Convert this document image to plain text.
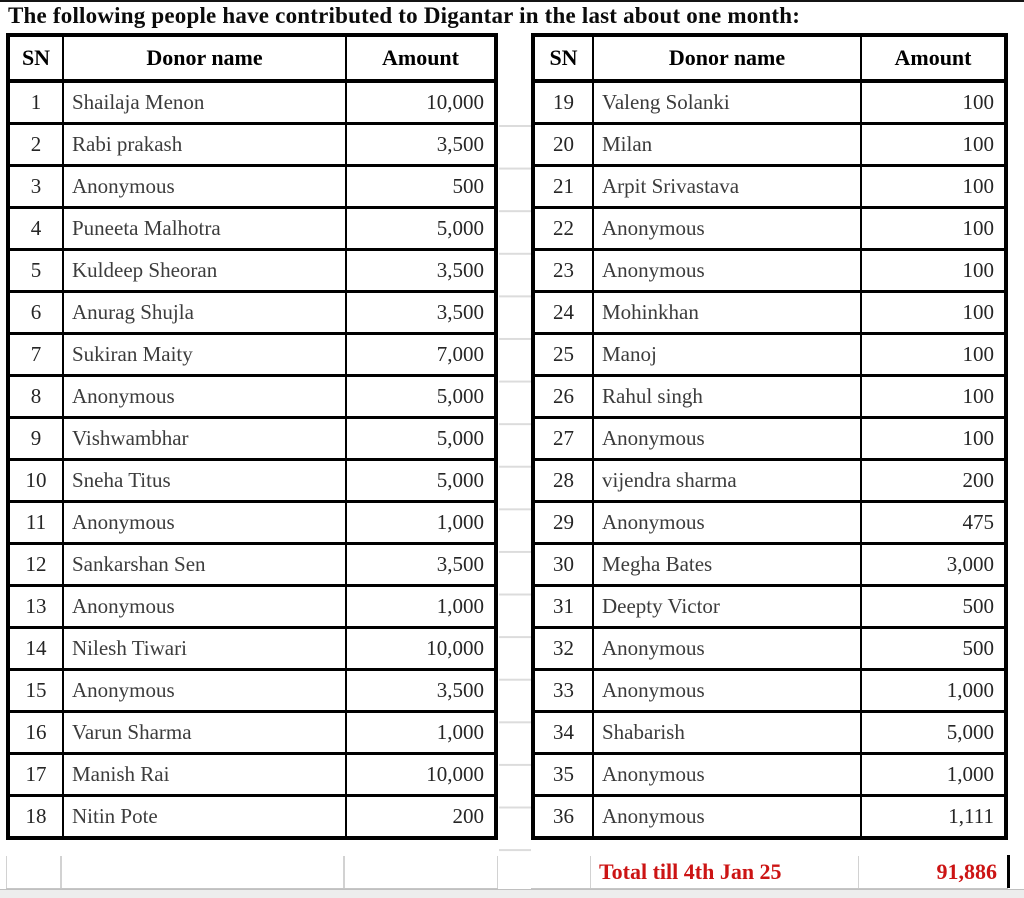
The following people have contributed to Digantar in the last about one month:
SN	Donor name	Amount
1	Shailaja Menon	10,000
2	Rabi prakash	3,500
3	Anonymous	500
4	Puneeta Malhotra	5,000
5	Kuldeep Sheoran	3,500
6	Anurag Shujla	3,500
7	Sukiran Maity	7,000
8	Anonymous	5,000
9	Vishwambhar	5,000
10	Sneha Titus	5,000
11	Anonymous	1,000
12	Sankarshan Sen	3,500
13	Anonymous	1,000
14	Nilesh Tiwari	10,000
15	Anonymous	3,500
16	Varun Sharma	1,000
17	Manish Rai	10,000
18	Nitin Pote	200
SN	Donor name	Amount
19	Valeng Solanki	100
20	Milan	100
21	Arpit Srivastava	100
22	Anonymous	100
23	Anonymous	100
24	Mohinkhan	100
25	Manoj	100
26	Rahul singh	100
27	Anonymous	100
28	vijendra sharma	200
29	Anonymous	475
30	Megha Bates	3,000
31	Deepty Victor	500
32	Anonymous	500
33	Anonymous	1,000
34	Shabarish	5,000
35	Anonymous	1,000
36	Anonymous	1,111
Total till 4th Jan 25	91,886
